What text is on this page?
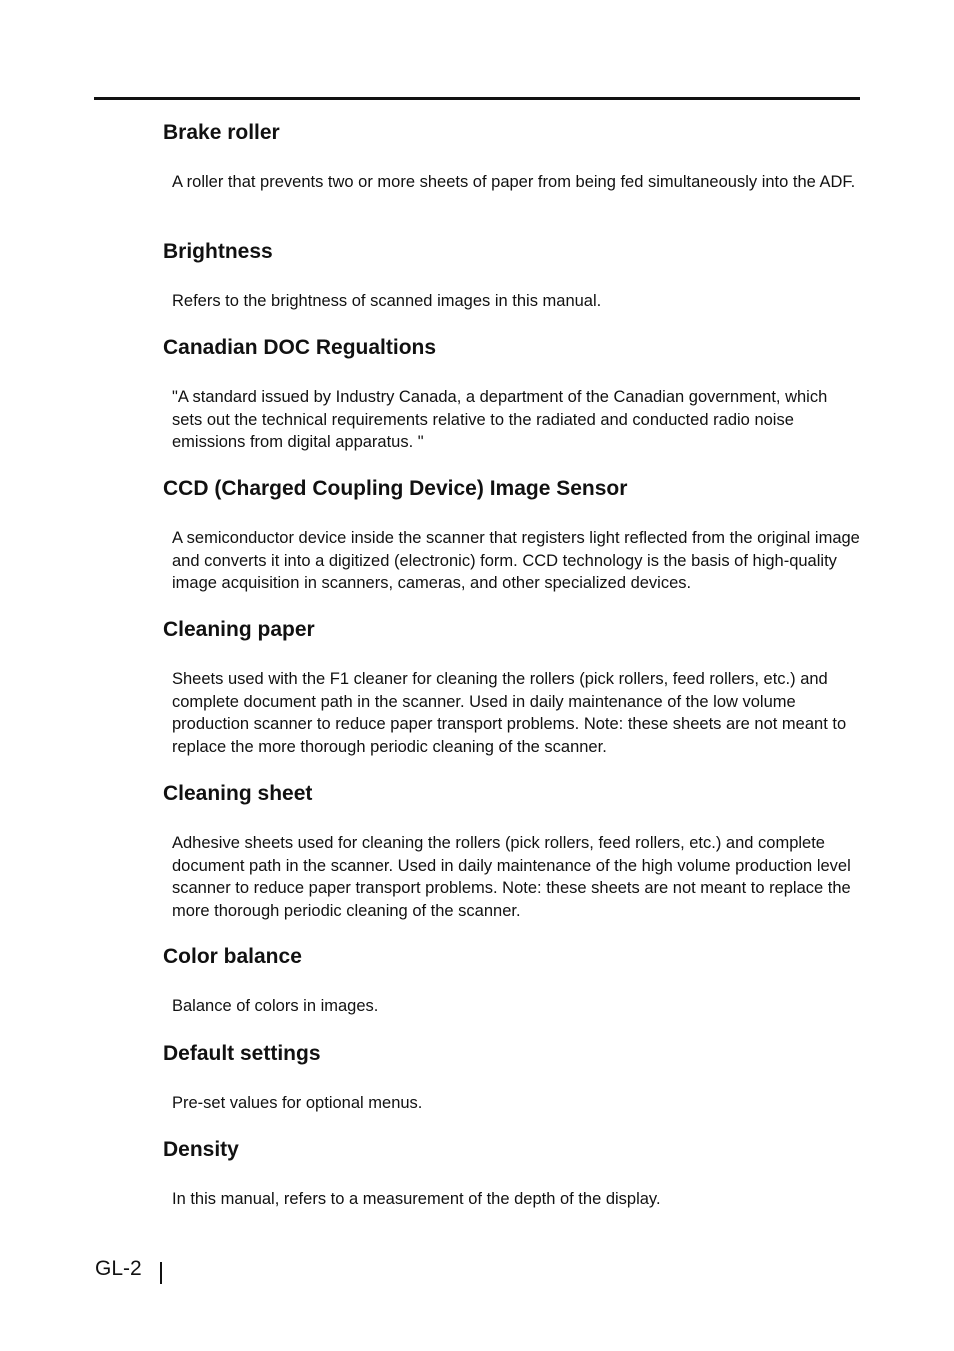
Brake roller

A roller that prevents two or more sheets of paper from being fed simultaneously into the ADF.

Brightness

Refers to the brightness of scanned images in this manual.

Canadian DOC Regualtions

"A standard issued by Industry Canada, a department of the Canadian government, which sets out the technical requirements relative to the radiated and conducted radio noise emissions from digital apparatus. "

CCD (Charged Coupling Device) Image Sensor

A semiconductor device inside the scanner that registers light reflected from the original image and converts it into a digitized (electronic) form. CCD technology is the basis of high-quality image acquisition in scanners, cameras, and other specialized devices.

Cleaning paper

Sheets used with the F1 cleaner for cleaning the rollers (pick rollers, feed rollers, etc.) and complete document path in the scanner. Used in daily maintenance of the low volume production scanner to reduce paper transport problems. Note: these sheets are not meant to replace the more thorough periodic cleaning of the scanner.

Cleaning sheet

Adhesive sheets used for cleaning the rollers (pick rollers, feed rollers, etc.) and complete document path in the scanner. Used in daily maintenance of the high volume production level scanner to reduce paper transport problems. Note: these sheets are not meant to replace the more thorough periodic cleaning of the scanner.

Color balance

Balance of colors in images.

Default settings

Pre-set values for optional menus.

Density

In this manual, refers to a measurement of the depth of the display.

GL-2
